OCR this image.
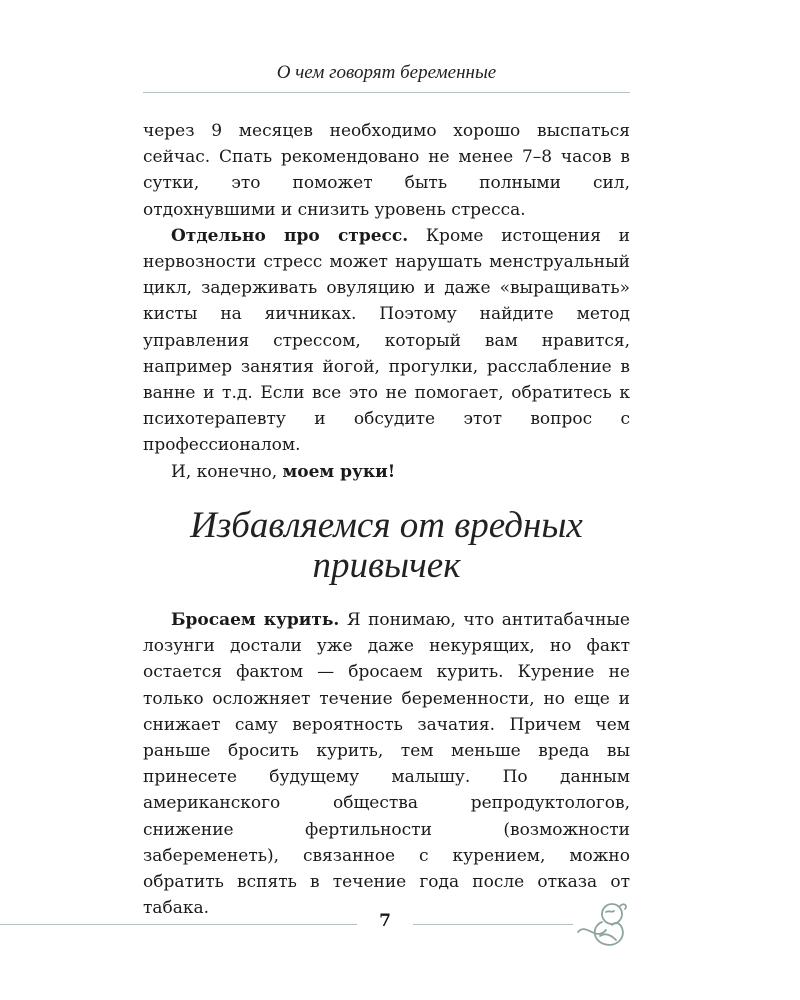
О чем говорят беременные

через 9 месяцев необходимо хорошо выспаться сейчас. Спать рекомендовано не менее 7–8 часов в сутки, это поможет быть полными сил, отдохнувшими и снизить уровень стресса.

Отдельно про стресс. Кроме истощения и нервозности стресс может нарушать менструальный цикл, задерживать овуляцию и даже «выращивать» кисты на яичниках. Поэтому найдите метод управления стрессом, который вам нравится, например занятия йогой, прогулки, расслабление в ванне и т.д. Если все это не помогает, обратитесь к психотерапевту и обсудите этот вопрос с профессионалом.

И, конечно, моем руки!

Избавляемся от вредных
привычек

Бросаем курить. Я понимаю, что антитабачные лозунги достали уже даже некурящих, но факт остается фактом — бросаем курить. Курение не только осложняет течение беременности, но еще и снижает саму вероятность зачатия. Причем чем раньше бросить курить, тем меньше вреда вы принесете будущему малышу. По данным американского общества репродуктологов, снижение фертильности (возможности забеременеть), связанное с курением, можно обратить вспять в течение года после отказа от табака.

7
